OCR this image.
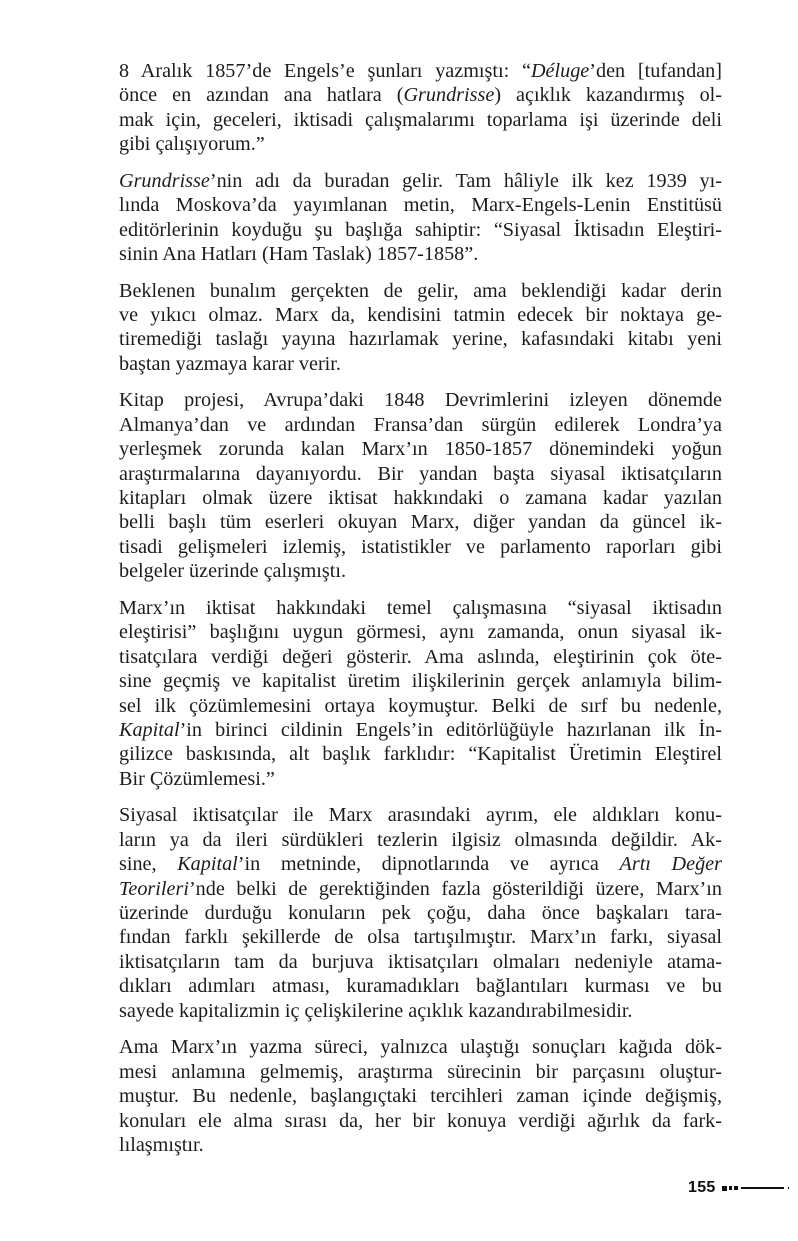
8 Aralık 1857’de Engels’e şunları yazmıştı: “Déluge’den [tufandan]
önce en azından ana hatlara (Grundrisse) açıklık kazandırmış ol-
mak için, geceleri, iktisadi çalışmalarımı toparlama işi üzerinde deli
gibi çalışıyorum.”

Grundrisse’nin adı da buradan gelir. Tam hâliyle ilk kez 1939 yı-
lında Moskova’da yayımlanan metin, Marx-Engels-Lenin Enstitüsü
editörlerinin koyduğu şu başlığa sahiptir: “Siyasal İktisadın Eleştiri-
sinin Ana Hatları (Ham Taslak) 1857-1858”.

Beklenen bunalım gerçekten de gelir, ama beklendiği kadar derin
ve yıkıcı olmaz. Marx da, kendisini tatmin edecek bir noktaya ge-
tiremediği taslağı yayına hazırlamak yerine, kafasındaki kitabı yeni
baştan yazmaya karar verir.

Kitap projesi, Avrupa’daki 1848 Devrimlerini izleyen dönemde
Almanya’dan ve ardından Fransa’dan sürgün edilerek Londra’ya
yerleşmek zorunda kalan Marx’ın 1850-1857 dönemindeki yoğun
araştırmalarına dayanıyordu. Bir yandan başta siyasal iktisatçıların
kitapları olmak üzere iktisat hakkındaki o zamana kadar yazılan
belli başlı tüm eserleri okuyan Marx, diğer yandan da güncel ik-
tisadi gelişmeleri izlemiş, istatistikler ve parlamento raporları gibi
belgeler üzerinde çalışmıştı.

Marx’ın iktisat hakkındaki temel çalışmasına “siyasal iktisadın
eleştirisi” başlığını uygun görmesi, aynı zamanda, onun siyasal ik-
tisatçılara verdiği değeri gösterir. Ama aslında, eleştirinin çok öte-
sine geçmiş ve kapitalist üretim ilişkilerinin gerçek anlamıyla bilim-
sel ilk çözümlemesini ortaya koymuştur. Belki de sırf bu nedenle,
Kapital’in birinci cildinin Engels’in editörlüğüyle hazırlanan ilk İn-
gilizce baskısında, alt başlık farklıdır: “Kapitalist Üretimin Eleştirel
Bir Çözümlemesi.”

Siyasal iktisatçılar ile Marx arasındaki ayrım, ele aldıkları konu-
ların ya da ileri sürdükleri tezlerin ilgisiz olmasında değildir. Ak-
sine, Kapital’in metninde, dipnotlarında ve ayrıca Artı Değer
Teorileri’nde belki de gerektiğinden fazla gösterildiği üzere, Marx’ın
üzerinde durduğu konuların pek çoğu, daha önce başkaları tara-
fından farklı şekillerde de olsa tartışılmıştır. Marx’ın farkı, siyasal
iktisatçıların tam da burjuva iktisatçıları olmaları nedeniyle atama-
dıkları adımları atması, kuramadıkları bağlantıları kurması ve bu
sayede kapitalizmin iç çelişkilerine açıklık kazandırabilmesidir.

Ama Marx’ın yazma süreci, yalnızca ulaştığı sonuçları kağıda dök-
mesi anlamına gelmemiş, araştırma sürecinin bir parçasını oluştur-
muştur. Bu nedenle, başlangıçtaki tercihleri zaman içinde değişmiş,
konuları ele alma sırası da, her bir konuya verdiği ağırlık da fark-
lılaşmıştır.

155
